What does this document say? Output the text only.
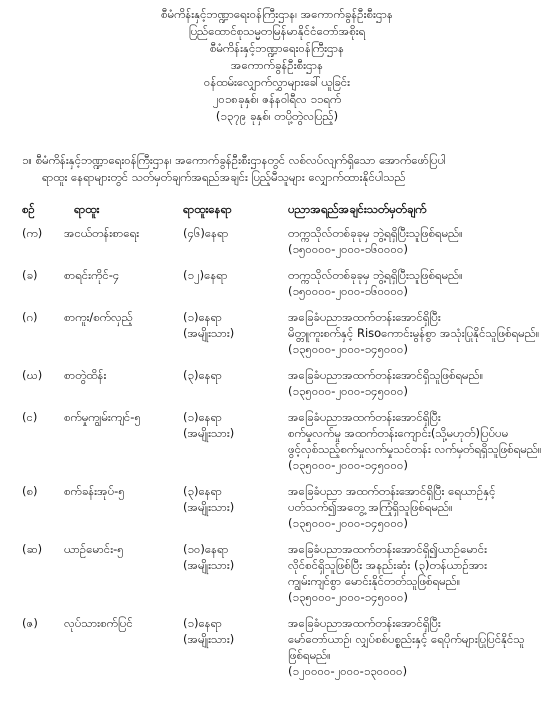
စီမံကိန်းနှင့်ဘဏ္ဍာရေးဝန်ကြီးဌာန၊ အကောက်ခွန်ဦးစီးဌာန
ပြည်ထောင်စုသမ္မတမြန်မာနိုင်ငံတော်အစိုးရ
စီမံကိန်းနှင့်ဘဏ္ဍာရေးဝန်ကြီးဌာန
အကောက်ခွန်ဦးစီးဌာန
ဝန်ထမ်းလျှောက်လွှာများခေါ်ယူခြင်း
၂၀၁၈ခုနှစ်၊ ဇန်နဝါရီလ ၁၁ရက်
(၁၃၇၉ ခုနှစ်၊ တပို့တွဲလပြည့်)
၁။ စီမံကိန်းနှင့်ဘဏ္ဍာရေးဝန်ကြီးဌာန၊ အကောက်ခွန်ဦးစီးဌာနတွင် လစ်လပ်လျက်ရှိသော အောက်ဖော်ပြပါ
ရာထူး နေရာများတွင် သတ်မှတ်ချက်အရည်အချင်း ပြည့်မီသူများ လျှောက်ထားနိုင်ပါသည်
စဉ်	ရာထူး	ရာထူးနေရာ	ပညာအရည်အချင်းသတ်မှတ်ချက်
(က)	အငယ်တန်းစာရေး	(၄၆)နေရာ	တက္ကသိုလ်တစ်ခုခုမှ ဘွဲ့ရရှိပြီးသူဖြစ်ရမည်။
(၁၅၀၀၀၀-၂၀၀၀-၁၆၀၀၀၀)
(ခ)	စာရင်းကိုင်-၄	(၁၂)နေရာ	တက္ကသိုလ်တစ်ခုခုမှ ဘွဲ့ရရှိပြီးသူဖြစ်ရမည်။
(၁၅၀၀၀၀-၂၀၀၀-၁၆၀၀၀၀)
(ဂ)	စာကူး/စက်လှည့်	(၁)နေရာ
(အမျိုးသား)
အခြေခံပညာအထက်တန်းအောင်ရှိပြီး
မိတ္တူကူးစက်နှင့် Risoကောင်းမွန်စွာ အသုံးပြုနိုင်သူဖြစ်ရမည်။
(၁၃၅၀၀၀-၂၀၀၀-၁၄၅၀၀၀)
(ဃ)	စာတွဲထိန်း	(၃)နေရာ	အခြေခံပညာအထက်တန်းအောင်ရှိသူဖြစ်ရမည်။
(၁၃၅၀၀၀-၂၀၀၀-၁၄၅၀၀၀)
(င)	စက်မှုကျွမ်းကျင်-၅	(၁)နေရာ
(အမျိုးသား)
အခြေခံပညာအထက်တန်းအောင်ရှိပြီး
စက်မှုလက်မှု အထက်တန်းကျောင်း(သို့မဟုတ်)ပြပ်ပမ
ဖွင့်လှစ်သည့်စက်မှုလက်မှုသင်တန်း လက်မှတ်ရရှိသူဖြစ်ရမည်။
(၁၃၅၀၀၀-၂၀၀၀-၁၄၅၀၀၀)
(စ)	စက်ခန်းအုပ်-၅	(၃)နေရာ
(အမျိုးသား)
အခြေခံပညာ အထက်တန်းအောင်ရှိပြီး ရေယာဉ်နှင့်
ပတ်သက်၍အတွေ့ အကြုံရှိသူဖြစ်ရမည်။
(၁၃၅၀၀၀-၂၀၀၀-၁၄၅၀၀၀)
(ဆ)	ယာဉ်မောင်း-၅	(၁၀)နေရာ
(အမျိုးသား)
အခြေခံပညာအထက်တန်းအောင်ရှိ၍ယာဉ်မောင်း
လိုင်စင်ရှိသူဖြစ်ပြီး အနည်းဆုံး (၃)တန်ယာဉ်အား
ကျွမ်းကျင်စွာ မောင်းနိုင်တတ်သူဖြစ်ရမည်။
(၁၃၅၀၀၀-၂၀၀၀-၁၄၅၀၀၀)
(ဇ)	လုပ်သားစက်ပြင်	(၁)နေရာ
(အမျိုးသား)
အခြေခံပညာအထက်တန်းအောင်ရှိပြီး
မော်တော်ယာဉ်၊ လျှပ်စစ်ပစ္စည်းနှင့် ရေပိုက်များပြုပြင်နိုင်သူ
ဖြစ်ရမည်။
(၁၂၀၀၀၀-၂၀၀၀-၁၃၀၀၀၀)
